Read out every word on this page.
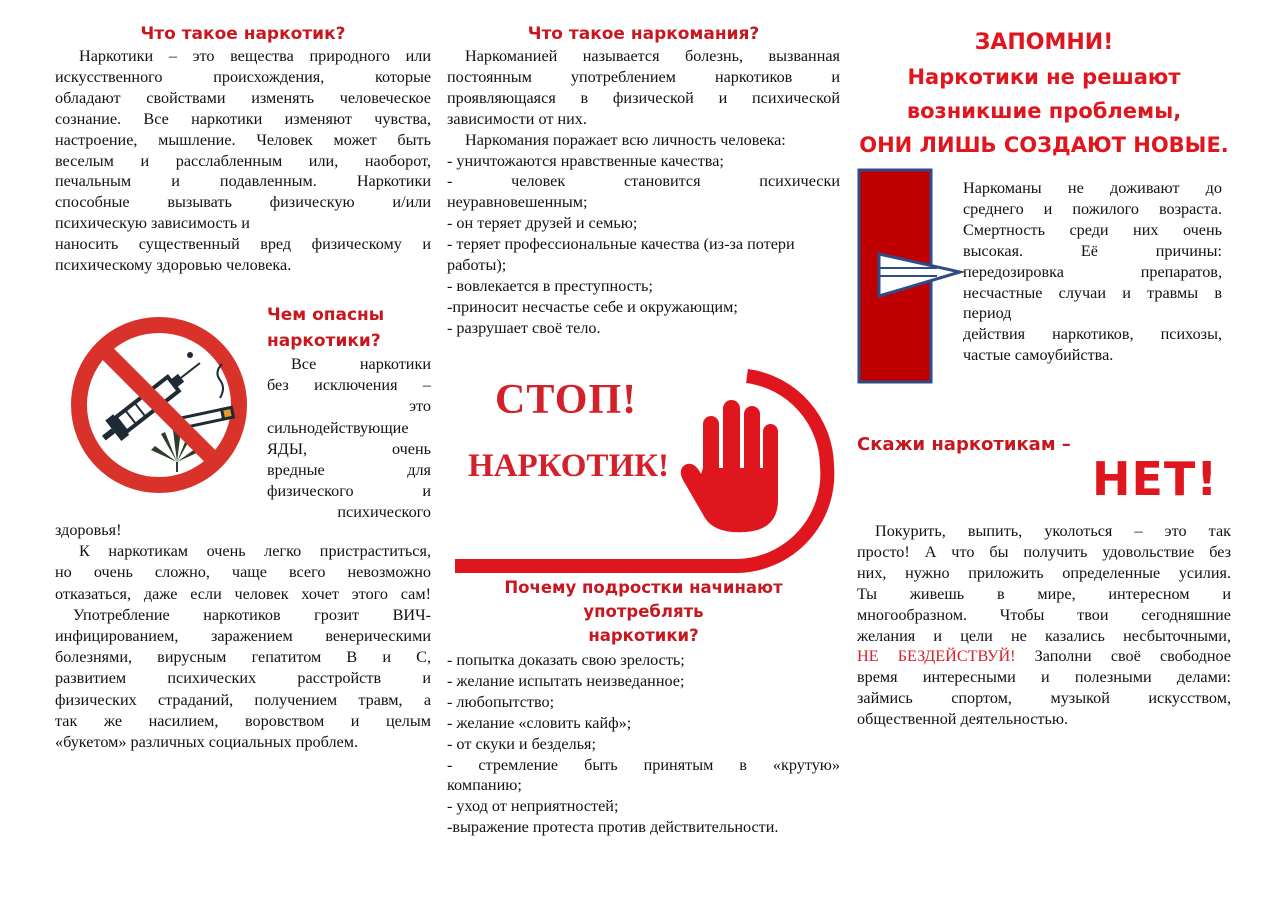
Что такое наркотик?
Наркотики – это вещества природного или
искусственного происхождения, которые
обладают свойствами изменять человеческое
сознание. Все наркотики изменяют чувства,
настроение, мышление. Человек может быть
веселым и расслабленным или, наоборот,
печальным и подавленным. Наркотики
способные вызывать физическую и/или
психическую зависимость и
наносить существенный вред физическому и
психическому здоровью человека.
Чем опасны
наркотики?
Все наркотики
без исключения –
это
сильнодействующие
ЯДЫ, очень
вредные для
физического и
психического
здоровья!
К наркотикам очень легко пристраститься,
но очень сложно, чаще всего невозможно
отказаться, даже если человек хочет этого сам!
Употребление наркотиков грозит ВИЧ-
инфицированием, заражением венерическими
болезнями, вирусным гепатитом В и С,
развитием психических расстройств и
физических страданий, получением травм, а
так же насилием, воровством и целым
«букетом» различных социальных проблем.
Что такое наркомания?
Наркоманией называется болезнь, вызванная
постоянным употреблением наркотиков и
проявляющаяся в физической и психической
зависимости от них.
Наркомания поражает всю личность человека:
- уничтожаются нравственные качества;
- человек становится психически
неуравновешенным;
- он теряет друзей и семью;
- теряет профессиональные качества (из-за потери
работы);
- вовлекается в преступность;
-приносит несчастье себе и окружающим;
- разрушает своё тело.
СТОП!
НАРКОТИК!
Почему подростки начинают употреблять
наркотики?
- попытка доказать свою зрелость;
- желание испытать неизведанное;
- любопытство;
- желание «словить кайф»;
- от скуки и безделья;
- стремление быть принятым в «крутую»
компанию;
- уход от неприятностей;
-выражение протеста против действительности.
ЗАПОМНИ!
Наркотики не решают
возникшие проблемы,
ОНИ ЛИШЬ СОЗДАЮТ НОВЫЕ.
Наркоманы не доживают до
среднего и пожилого возраста.
Смертность среди них очень
высокая. Её причины:
передозировка препаратов,
несчастные случаи и травмы в
период
действия наркотиков, психозы,
частые самоубийства.
Скажи наркотикам –
НЕТ!
Покурить, выпить, уколоться – это так
просто! А что бы получить удовольствие без
них, нужно приложить определенные усилия.
Ты живешь в мире, интересном и
многообразном. Чтобы твои сегодняшние
желания и цели не казались несбыточными,
НЕ БЕЗДЕЙСТВУЙ! Заполни своё свободное
время интересными и полезными делами:
займись спортом, музыкой искусством,
общественной деятельностью.
